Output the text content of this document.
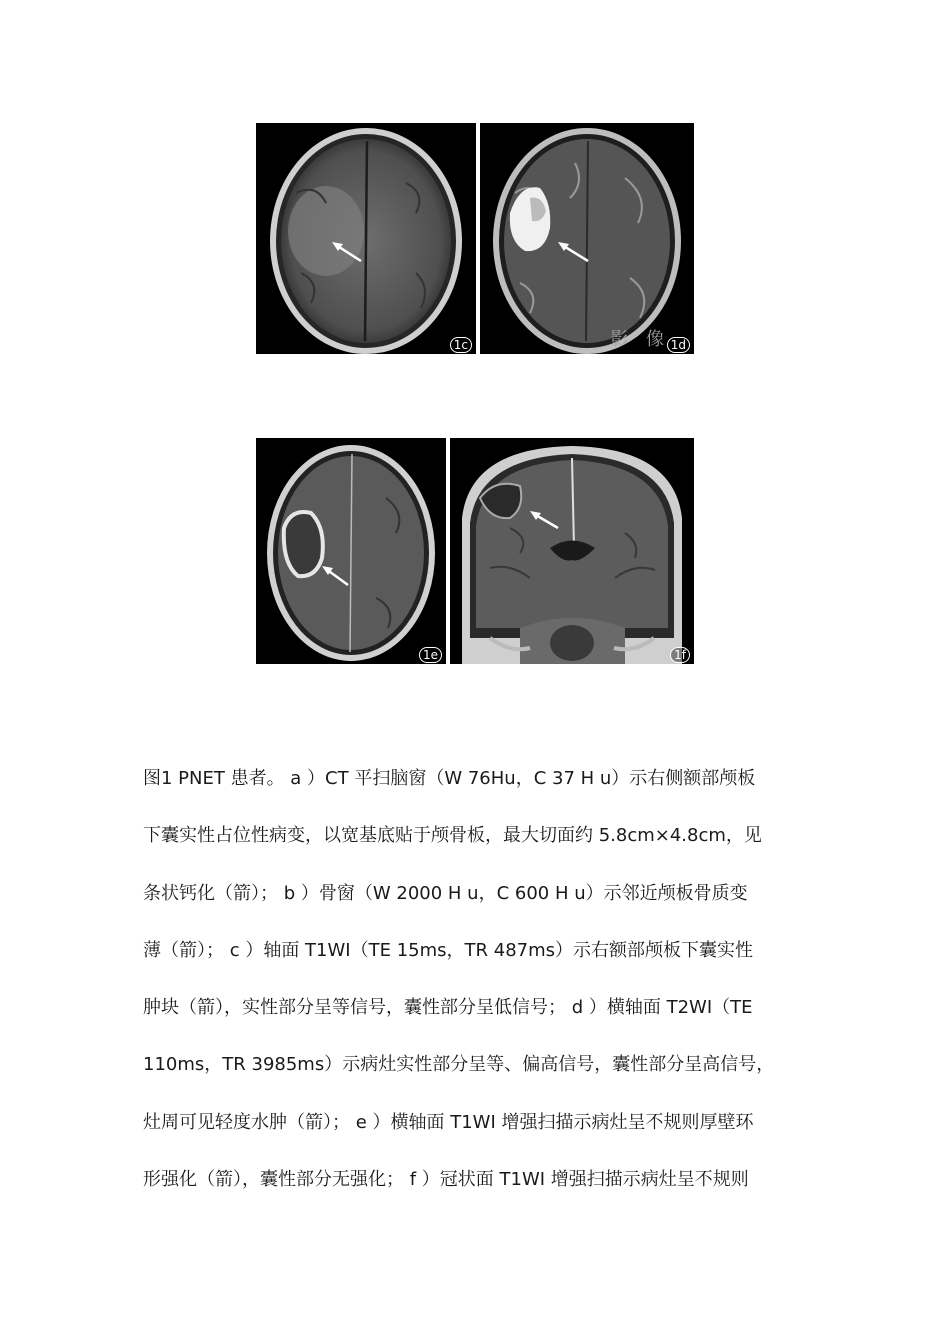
1c	影 像 1d
1e	1f

图1 PNET 患者。 a ）CT 平扫脑窗（W 76Hu，C 37 H u）示右侧额部颅板

下囊实性占位性病变，以宽基底贴于颅骨板，最大切面约 5.8cm×4.8cm，见

条状钙化（箭）； b ）骨窗（W 2000 H u，C 600 H u）示邻近颅板骨质变

薄（箭）； c ）轴面 T1WI（TE 15ms，TR 487ms）示右额部颅板下囊实性

肿块（箭），实性部分呈等信号，囊性部分呈低信号； d ）横轴面 T2WI（TE

110ms，TR 3985ms）示病灶实性部分呈等、偏高信号，囊性部分呈高信号，

灶周可见轻度水肿（箭）； e ）横轴面 T1WI 增强扫描示病灶呈不规则厚壁环

形强化（箭），囊性部分无强化； f ）冠状面 T1WI 增强扫描示病灶呈不规则
